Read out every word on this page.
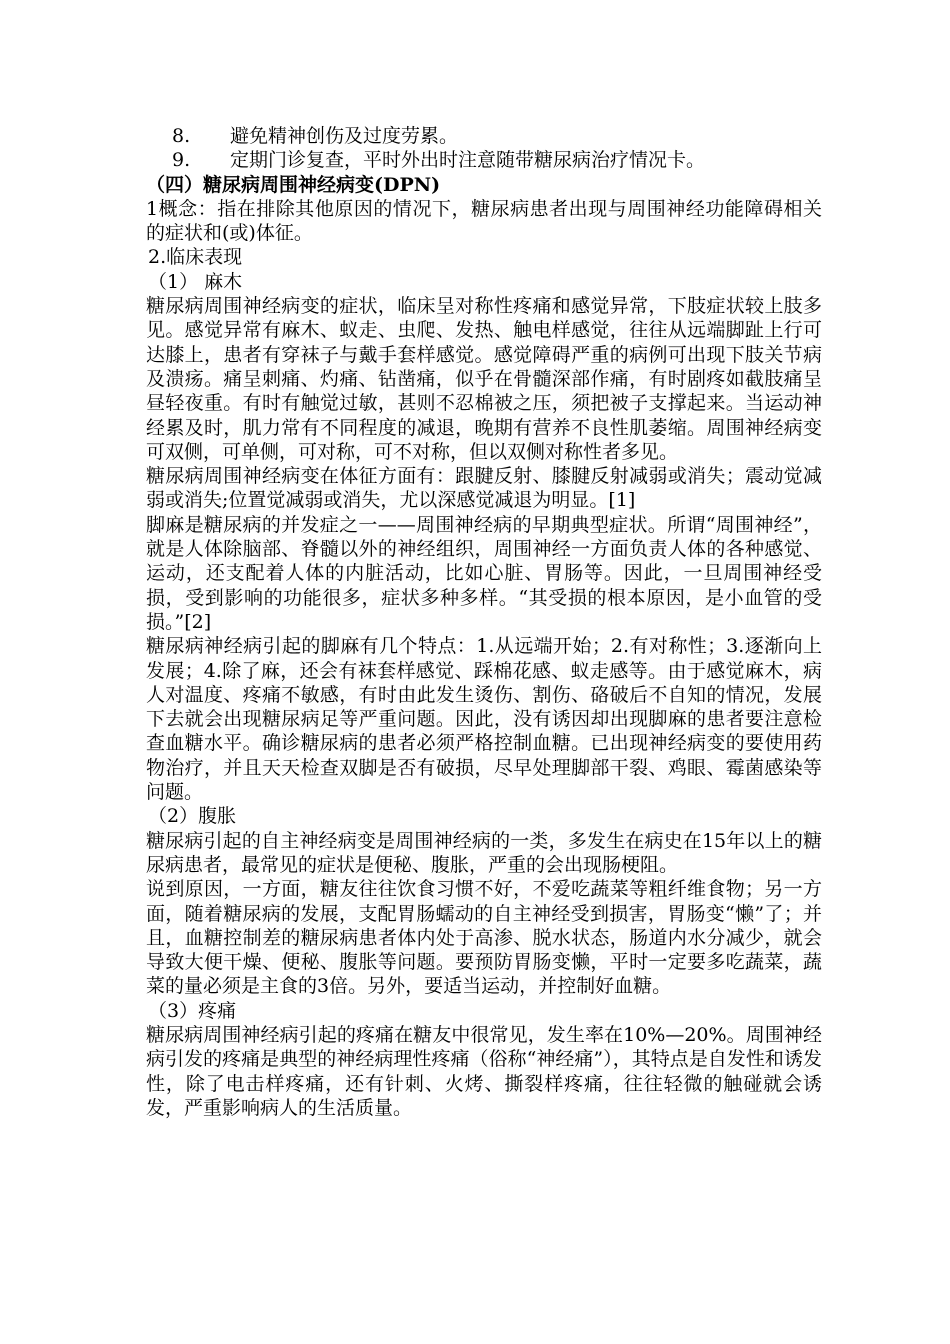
8. 避免精神创伤及过度劳累。
9. 定期门诊复查，平时外出时注意随带糖尿病治疗情况卡。
（四）糖尿病周围神经病变(DPN)
1概念：指在排除其他原因的情况下，糖尿病患者出现与周围神经功能障碍相关的症状和(或)体征。
2.临床表现
（1） 麻木
糖尿病周围神经病变的症状，临床呈对称性疼痛和感觉异常，下肢症状较上肢多见。感觉异常有麻木、蚁走、虫爬、发热、触电样感觉，往往从远端脚趾上行可达膝上，患者有穿袜子与戴手套样感觉。感觉障碍严重的病例可出现下肢关节病及溃疡。痛呈刺痛、灼痛、钻凿痛，似乎在骨髓深部作痛，有时剧疼如截肢痛呈昼轻夜重。有时有触觉过敏，甚则不忍棉被之压，须把被子支撑起来。当运动神经累及时，肌力常有不同程度的减退，晚期有营养不良性肌萎缩。周围神经病变可双侧，可单侧，可对称，可不对称，但以双侧对称性者多见。
糖尿病周围神经病变在体征方面有：跟腱反射、膝腱反射减弱或消失；震动觉减弱或消失;位置觉减弱或消失，尤以深感觉减退为明显。[1]
脚麻是糖尿病的并发症之一——周围神经病的早期典型症状。所谓“周围神经”，就是人体除脑部、脊髓以外的神经组织，周围神经一方面负责人体的各种感觉、运动，还支配着人体的内脏活动，比如心脏、胃肠等。因此，一旦周围神经受损，受到影响的功能很多，症状多种多样。“其受损的根本原因，是小血管的受损。”[2]
糖尿病神经病引起的脚麻有几个特点：1.从远端开始；2.有对称性；3.逐渐向上发展；4.除了麻，还会有袜套样感觉、踩棉花感、蚁走感等。由于感觉麻木，病人对温度、疼痛不敏感，有时由此发生烫伤、割伤、硌破后不自知的情况，发展下去就会出现糖尿病足等严重问题。因此，没有诱因却出现脚麻的患者要注意检查血糖水平。确诊糖尿病的患者必须严格控制血糖。已出现神经病变的要使用药物治疗，并且天天检查双脚是否有破损，尽早处理脚部干裂、鸡眼、霉菌感染等问题。
（2）腹胀
糖尿病引起的自主神经病变是周围神经病的一类，多发生在病史在15年以上的糖尿病患者，最常见的症状是便秘、腹胀，严重的会出现肠梗阻。
说到原因，一方面，糖友往往饮食习惯不好，不爱吃蔬菜等粗纤维食物；另一方面，随着糖尿病的发展，支配胃肠蠕动的自主神经受到损害，胃肠变“懒”了；并且，血糖控制差的糖尿病患者体内处于高渗、脱水状态，肠道内水分减少，就会导致大便干燥、便秘、腹胀等问题。要预防胃肠变懒，平时一定要多吃蔬菜，蔬菜的量必须是主食的3倍。另外，要适当运动，并控制好血糖。
（3）疼痛
糖尿病周围神经病引起的疼痛在糖友中很常见，发生率在10%—20%。周围神经病引发的疼痛是典型的神经病理性疼痛（俗称“神经痛”），其特点是自发性和诱发性，除了电击样疼痛，还有针刺、火烤、撕裂样疼痛，往往轻微的触碰就会诱发，严重影响病人的生活质量。
